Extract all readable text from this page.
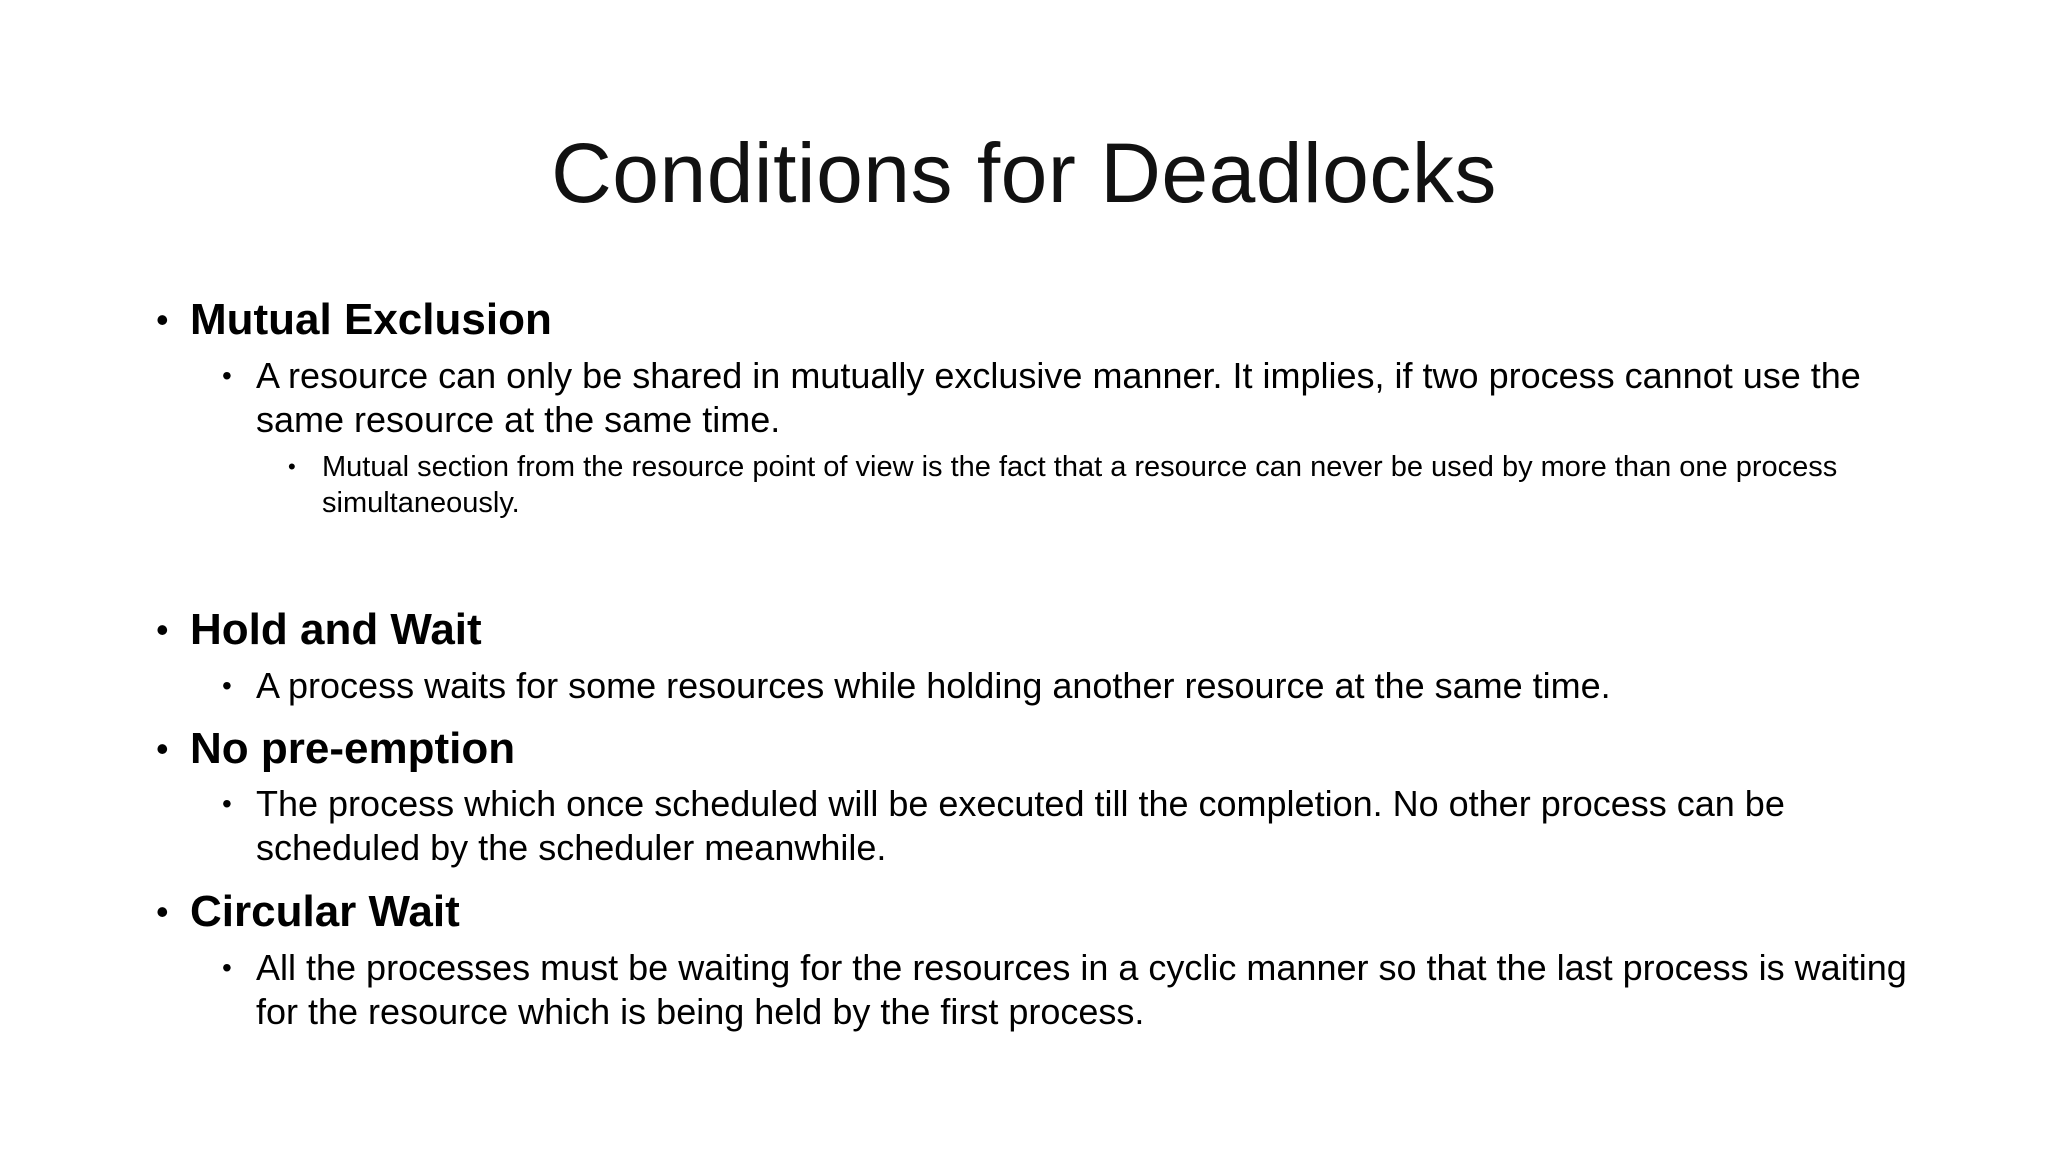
Conditions for Deadlocks
• Mutual Exclusion
• A resource can only be shared in mutually exclusive manner. It implies, if two process cannot use the same resource at the same time.
• Mutual section from the resource point of view is the fact that a resource can never be used by more than one process simultaneously.
• Hold and Wait
• A process waits for some resources while holding another resource at the same time.
• No pre-emption
• The process which once scheduled will be executed till the completion. No other process can be scheduled by the scheduler meanwhile.
• Circular Wait
• All the processes must be waiting for the resources in a cyclic manner so that the last process is waiting for the resource which is being held by the first process.
